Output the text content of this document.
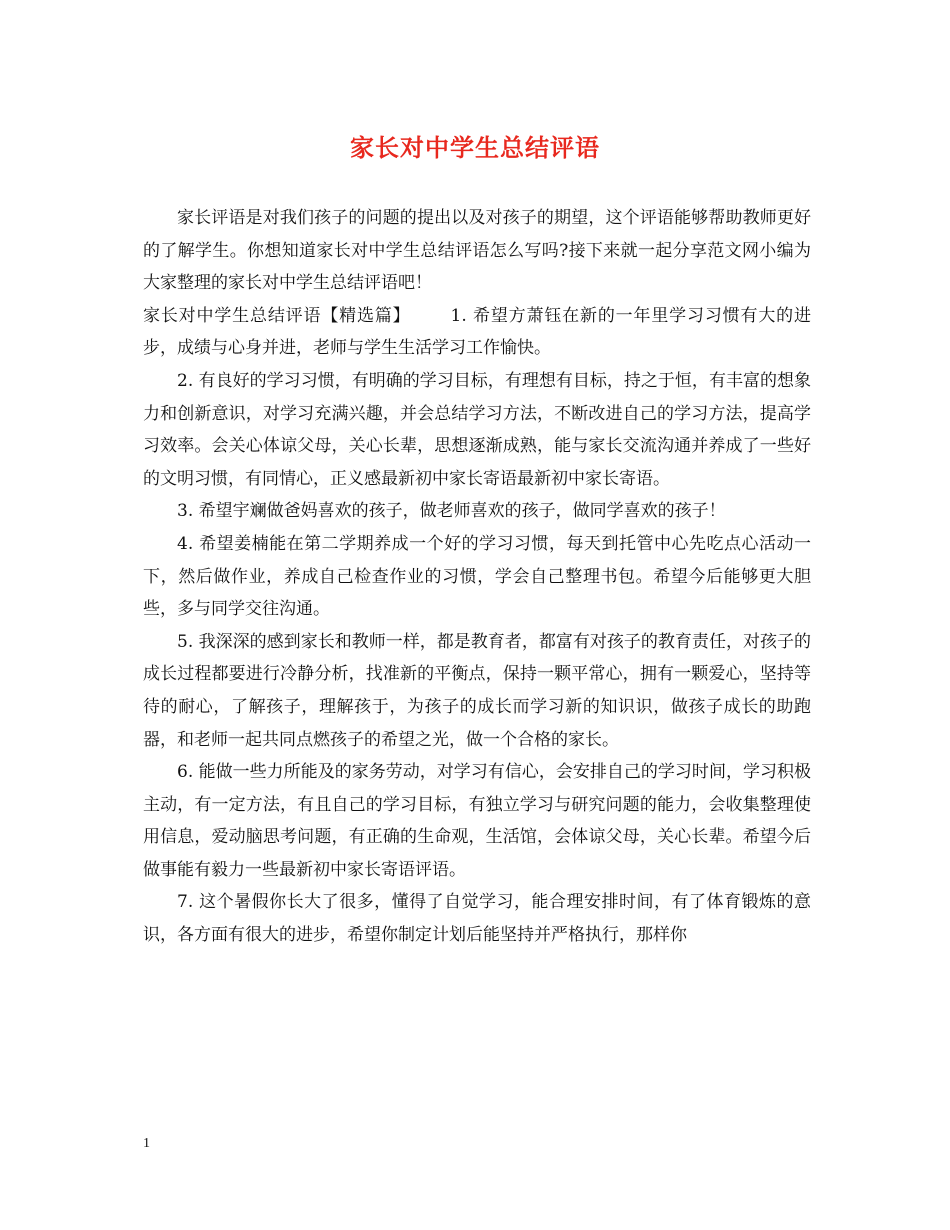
家长对中学生总结评语

家长评语是对我们孩子的问题的提出以及对孩子的期望，这个评语能够帮助教师更好的了解学生。你想知道家长对中学生总结评语怎么写吗?接下来就一起分享范文网小编为大家整理的家长对中学生总结评语吧！

家长对中学生总结评语【精选篇】 1. 希望方萧钰在新的一年里学习习惯有大的进步，成绩与心身并进，老师与学生生活学习工作愉快。

2. 有良好的学习习惯，有明确的学习目标，有理想有目标，持之于恒，有丰富的想象力和创新意识，对学习充满兴趣，并会总结学习方法，不断改进自己的学习方法，提高学习效率。会关心体谅父母，关心长辈，思想逐渐成熟，能与家长交流沟通并养成了一些好的文明习惯，有同情心，正义感最新初中家长寄语最新初中家长寄语。

3. 希望宇斓做爸妈喜欢的孩子，做老师喜欢的孩子，做同学喜欢的孩子！

4. 希望姜楠能在第二学期养成一个好的学习习惯，每天到托管中心先吃点心活动一下，然后做作业，养成自己检查作业的习惯，学会自己整理书包。希望今后能够更大胆些，多与同学交往沟通。

5. 我深深的感到家长和教师一样，都是教育者，都富有对孩子的教育责任，对孩子的成长过程都要进行冷静分析，找准新的平衡点，保持一颗平常心，拥有一颗爱心，坚持等待的耐心，了解孩子，理解孩于，为孩子的成长而学习新的知识识，做孩子成长的助跑器，和老师一起共同点燃孩子的希望之光，做一个合格的家长。

6. 能做一些力所能及的家务劳动，对学习有信心，会安排自己的学习时间，学习积极主动，有一定方法，有且自己的学习目标，有独立学习与研究问题的能力，会收集整理使用信息，爱动脑思考问题，有正确的生命观，生活馆，会体谅父母，关心长辈。希望今后做事能有毅力一些最新初中家长寄语评语。

7. 这个暑假你长大了很多，懂得了自觉学习，能合理安排时间，有了体育锻炼的意识，各方面有很大的进步，希望你制定计划后能坚持并严格执行，那样你

1
